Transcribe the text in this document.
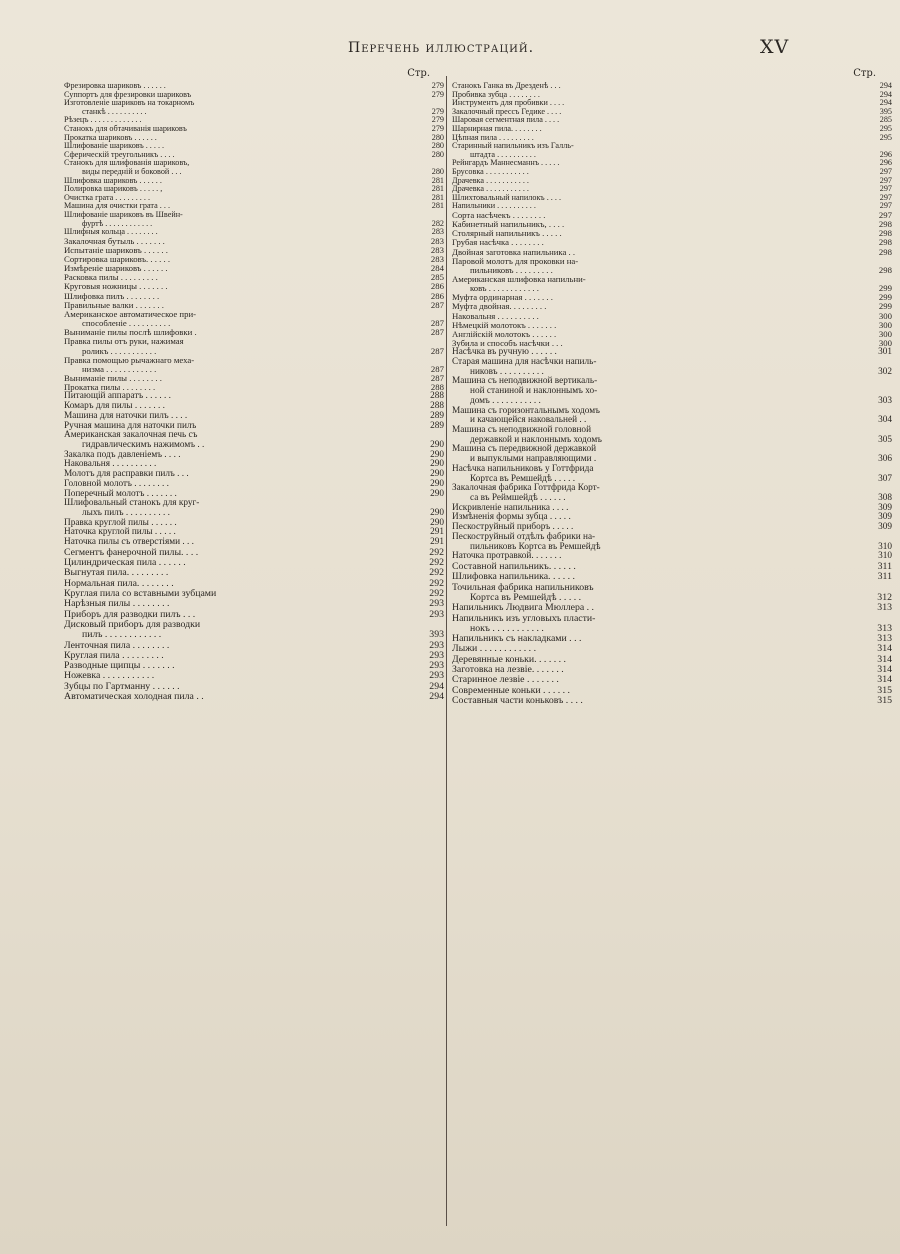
Перечень иллюстраций.	XV
Стр.
Фрезировка шариковъ . . . . . .	279
Суппортъ для фрезировки шариковъ	279
Изготовленіе шариковъ на токарномъ
станкѣ . . . . . . . . . .	279
Рѣзецъ . . . . . . . . . . . . .	279
Станокъ для обтачиванія шариковъ	279
Прокатка шариковъ . . . . . .	280
Шлифованіе шариковъ . . . . .	280
Сферическій треугольникъ . . . .	280
Станокъ для шлифованія шариковъ,
виды передній и боковой . . .	280
Шлифовка шариковъ . . . . . .	281
Полировка шариковъ . . . . . ,	281
Очистка грата . . . . . . . . .	281
Машина для очистки грата . . .	281
Шлифованіе шариковъ въ Швейн-
фуртѣ . . . . . . . . . . . .	282
Шлифныя кольца . . . . . . . .	283
Закалочная бутыль . . . . . . .	283
Испытаніе шариковъ . . . . . .	283
Сортировка шариковъ. . . . . .	283
Измѣреніе шариковъ . . . . . .	284
Расковка пилы . . . . . . . . .	285
Круговыя ножницы . . . . . . .	286
Шлифовка пилъ . . . . . . . .	286
Правильные валки . . . . . . .	287
Американское автоматическое при-
способленіе . . . . . . . . . .	287
Выниманіе пилы послѣ шлифовки .	287
Правка пилы отъ руки, нажимая
роликъ . . . . . . . . . . .	287
Правка помощью рычажнаго меха-
низма . . . . . . . . . . . .	287
Выниманіе пилы . . . . . . . .	287
Прокатка пилы . . . . . . . .	288
Питающій аппаратъ . . . . . .	288
Комаръ для пилы . . . . . . .	288
Машина для наточки пилъ . . . .	289
Ручная машина для наточки пилъ	289
Американская закалочная печь съ
гидравлическимъ нажимомъ . .	290
Закалка подъ давленіемъ . . . .	290
Наковальня . . . . . . . . . .	290
Молотъ для расправки пилъ . . .	290
Головной молотъ . . . . . . . .	290
Поперечный молотъ . . . . . . .	290
Шлифовальный станокъ для круг-
лыхъ пилъ . . . . . . . . . .	290
Правка круглой пилы . . . . . .	290
Наточка круглой пилы . . . . .	291
Наточка пилы съ отверстіями . . .	291
Сегментъ фанерочной пилы. . . .	292
Цилиндрическая пила . . . . . .	292
Выгнутая пила. . . . . . . . .	292
Нормальная пила. . . . . . . .	292
Круглая пила со вставными зубцами	292
Нарѣзныя пилы . . . . . . . .	293
Приборъ для разводки пилъ . . .	293
Дисковый приборъ для разводки
пилъ . . . . . . . . . . . .	393
Ленточная пила . . . . . . . .	293
Круглая пила . . . . . . . . .	293
Разводные щипцы . . . . . . .	293
Ножевка . . . . . . . . . . .	293
Зубцы по Гартманну . . . . . .	294
Автоматическая холодная пила . .	294
Стр.
Станокъ Ганка въ Дрезденѣ . . .	294
Пробивка зубца . . . . . . . .	294
Инструментъ для пробивки . . . .	294
Закалочный прессъ Гедике . . . .	395
Шаровая сегментная пила . . . .	285
Шарнирная пила. . . . . . . .	295
Цѣпная пила . . . . . . . . .	295
Старинный напильникъ изъ Галль-
штадта . . . . . . . . . .	296
Рейнгардъ Маннесманнъ . . . . .	296
Брусовка . . . . . . . . . . .	297
Драчевка . . . . . . . . . . .	297
Драчевка . . . . . . . . . . .	297
Шлихтовальный напилокъ . . . .	297
Напильники . . . . . . . . . .	297
Сорта насѣчекъ . . . . . . . .	297
Кабинетный напильникъ, . . . .	298
Столярный напильникъ . . . . .	298
Грубая насѣчка . . . . . . . .	298
Двойная заготовка напильника . .	298
Паровой молотъ для проковки на-
пильниковъ . . . . . . . . .	298
Американская шлифовка напильни-
ковъ . . . . . . . . . . . .	299
Муфта ординарная . . . . . . .	299
Муфта двойная. . . . . . . . .	299
Наковальня . . . . . . . . . .	300
Нѣмецкій молотокъ . . . . . . .	300
Англійскій молотокъ . . . . . .	300
Зубила и способъ насѣчки . . .	300
Насѣчка въ ручную . . . . . .	301
Старая машина для насѣчки напиль-
никовъ . . . . . . . . . .	302
Машина съ неподвижной вертикаль-
ной станиной и наклоннымъ хо-
домъ . . . . . . . . . . .	303
Машина съ горизонтальнымъ ходомъ
и качающейся наковальней . .	304
Машина съ неподвижной головной
державкой и наклоннымъ ходомъ	305
Машина съ передвижной державкой
и выпуклыми направляющими .	306
Насѣчка напильниковъ у Готтфрида
Кортса въ Ремшейдѣ . . . . .	307
Закалочная фабрика Готтфрида Корт-
са въ Реймшейдѣ . . . . . .	308
Искривленіе напильника . . . .	309
Измѣненія формы зубца . . . . .	309
Пескоструйный приборъ . . . . .	309
Пескоструйный отдѣлъ фабрики на-
пильниковъ Кортса въ Ремшейдѣ	310
Наточка протравкой. . . . . . .	310
Составной напильникъ. . . . . .	311
Шлифовка напильника. . . . . .	311
Точильная фабрика напильниковъ
Кортса въ Ремшейдѣ . . . . .	312
Напильникъ Людвига Мюллера . .	313
Напильникъ изъ угловыхъ пласти-
нокъ . . . . . . . . . . .	313
Напильникъ съ накладками . . .	313
Лыжи . . . . . . . . . . . .	314
Деревянные коньки. . . . . . .	314
Заготовка на лезвіе. . . . . . .	314
Старинное лезвіе . . . . . . .	314
Современные коньки . . . . . .	315
Составныя части коньковъ . . . .	315
